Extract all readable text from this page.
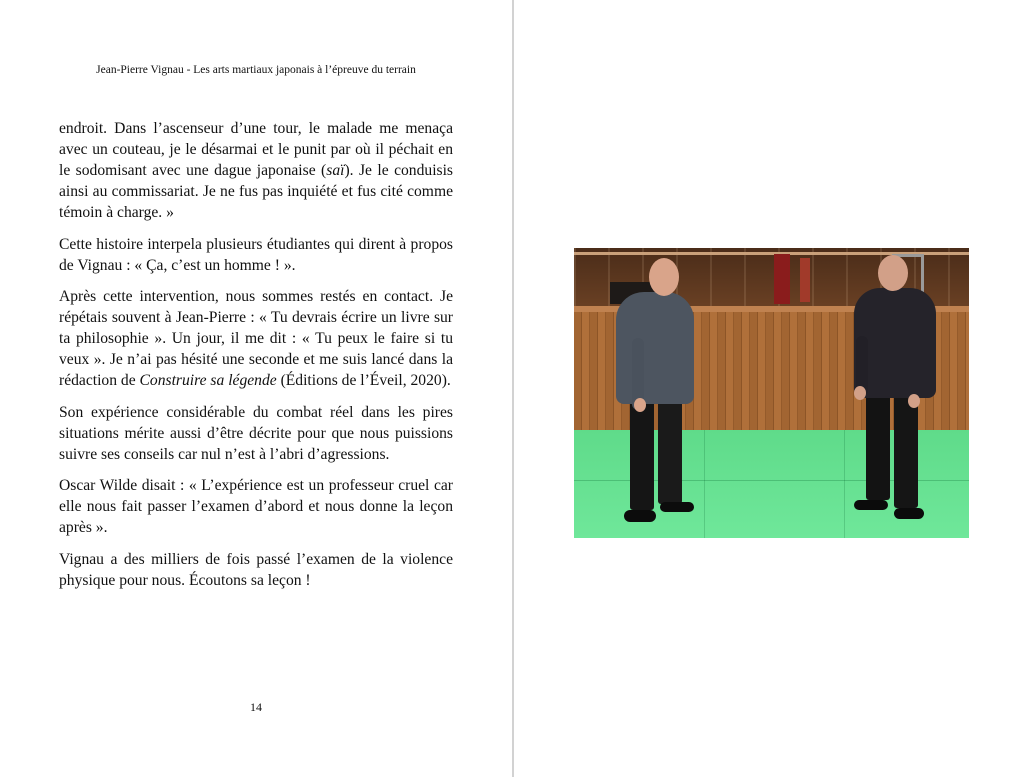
Jean-Pierre Vignau - Les arts martiaux japonais à l’épreuve du terrain

endroit. Dans l’ascenseur d’une tour, le malade me menaça avec un couteau, je le désarmai et le punit par où il péchait en le sodomisant avec une dague japonaise (saï). Je le conduisis ainsi au commissariat. Je ne fus pas inquiété et fus cité comme témoin à charge. »

Cette histoire interpela plusieurs étudiantes qui dirent à propos de Vignau : « Ça, c’est un homme ! ».

Après cette intervention, nous sommes restés en contact. Je répétais souvent à Jean-Pierre : « Tu devrais écrire un livre sur ta philosophie ». Un jour, il me dit : « Tu peux le faire si tu veux ». Je n’ai pas hésité une seconde et me suis lancé dans la rédaction de Construire sa légende (Éditions de l’Éveil, 2020).

Son expérience considérable du combat réel dans les pires situations mérite aussi d’être décrite pour que nous puissions suivre ses conseils car nul n’est à l’abri d’agressions.

Oscar Wilde disait : « L’expérience est un professeur cruel car elle nous fait passer l’examen d’abord et nous donne la leçon après ».

Vignau a des milliers de fois passé l’examen de la violence physique pour nous. Écoutons sa leçon !

14
